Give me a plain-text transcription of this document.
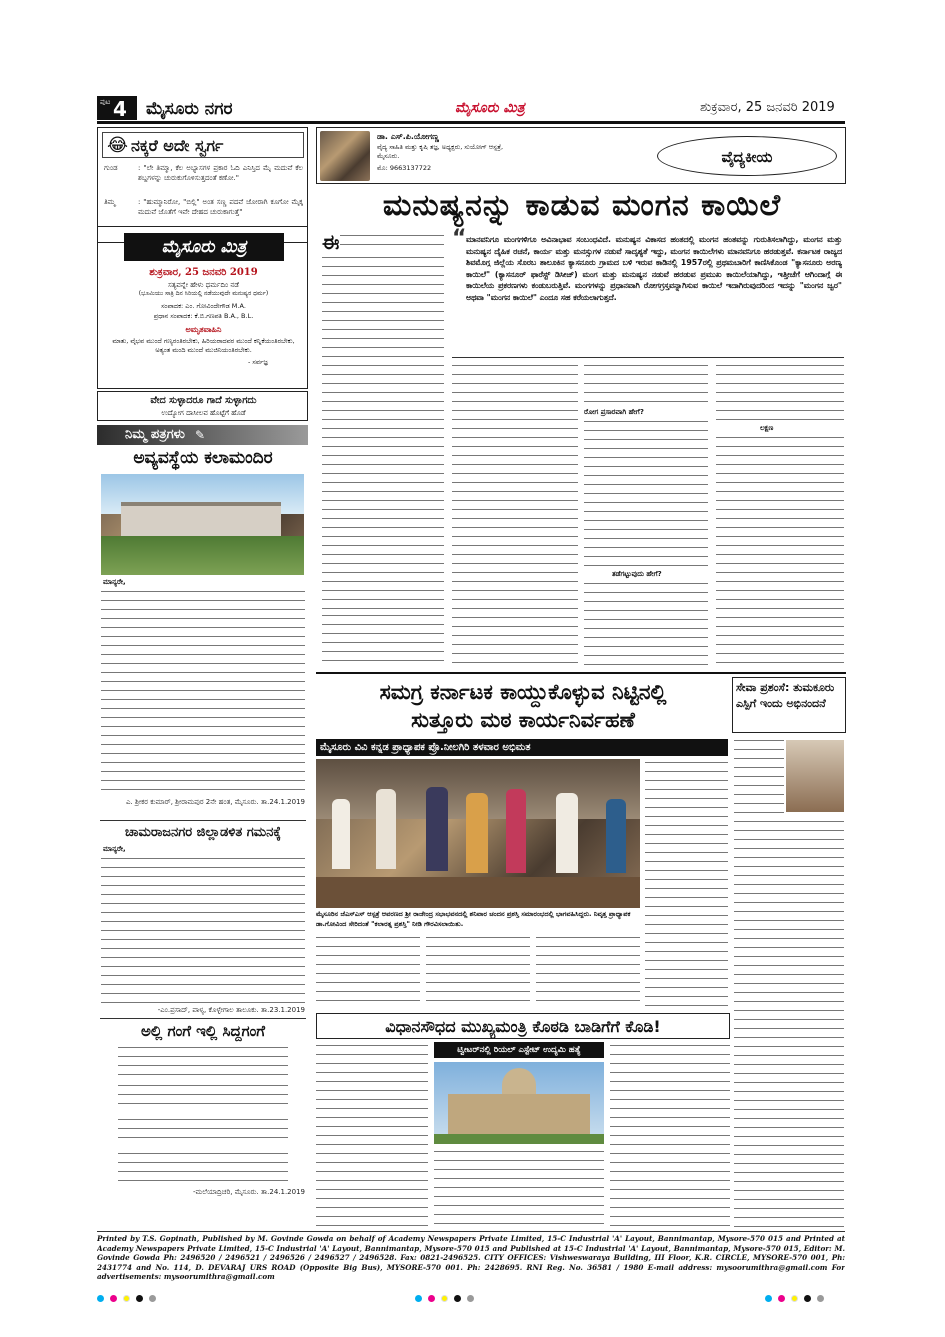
ಪುಟ 4 ಮೈಸೂರು ನಗರ	ಮೈಸೂರು ಮಿತ್ರ	ಶುಕ್ರವಾರ, 25 ಜನವರಿ 2019
😂 ನಕ್ಕರೆ ಅದೇ ಸ್ವರ್ಗ
ಗುಂಡ	: "ಲೇ ತಿಮ್ಮಾ, ಕೆಲ ಅಭ್ಯಾಸಗಳ ಪ್ರಕಾರ ಓದಿ ಎನಿಸ್ತಿದ ಮೈ ಮದುವೆ ಕೆಲ ಶಬ್ದಗಳನ್ನು ಚುರುಕುಗೊಳಿಸುತ್ತದಂತೆ ಕಣೋ."
ತಿಮ್ಮ	: "ಹುಮ್ಮಾನಿರೋ, "ಬಿಲ್ಲಿ" ಅಂತ ಸಣ್ಣ ಪದವೆ ಜೋರಾಗಿ ಕೂಗೋ ಮೈಕ್ಕ ಮದುವೆ ಜೊತೆಗೆ ಇವೇ ದೇಹದ ಚುರುಕಾಗುತ್ತೆ"
ಮೈಸೂರು ಮಿತ್ರ
ಶುಕ್ರವಾರ, 25 ಜನವರಿ 2019
ಸತ್ಯವನ್ನೇ ಹೇಳು ಧರ್ಮದಿಂ ನಡೆ
(ಭೂಮಿಯು ಸಾತ್ರಿ ದಿನ ಸಿರಿಯಲ್ಲಿ ನಡೆಯುವುದೇ ಮನುಷ್ಯರ ಧರ್ಮ)
ಸಂಪಾದಕ: ಎಂ. ಗೋವಿಂದೇಗೌಡ M.A.
ಪ್ರಧಾನ ಸಂಪಾದಕ: ಕೆ.ಬಿ.ಗಣಪತಿ B.A., B.L.
ಅಮೃತವಾಹಿನಿ
ಮಾತು, ವೈಭವ ಮುಂದೆ ಗಣ್ಯರಂತಿರಬೇಕು, ಹಿರಿಯರಾದವರ ಮುಂದೆ ಕನ್ನಿಕೆಯಂತಿರಬೇಕು, ಅತ್ಯಂತ ಮಂದಿ ಮುಂದೆ ಮುಜಿನಿಯಂತಿರಬೇಕು.
- ಸರ್ವಜ್ಞ
ವೇದ ಸುಳ್ಳಾದರೂ ಗಾದೆ ಸುಳ್ಳಾಗದು
ಉದ್ಯೋಗ ದಾಸೀಲವ ಹೊಟ್ಟೆಗೆ ಹೊಡೆ
ನಿಮ್ಮ ಪತ್ರಗಳು ✎
ಅವ್ಯವಸ್ಥೆಯ ಕಲಾಮಂದಿರ
ಮಾನ್ಯರೇ,
ಎ. ಶ್ರೀಕರ ಕುಮಾರ್, ಶ್ರೀರಾಮಪುರ 2ನೇ ಹಂತ, ಮೈಸೂರು. ತಾ.24.1.2019
ಚಾಮರಾಜನಗರ ಜಿಲ್ಲಾಡಳಿತ ಗಮನಕ್ಕೆ
ಮಾನ್ಯರೇ,
-ಎಂ.ಪ್ರಸಾದ್, ಪಾಳ್ಯ, ಕೊಳ್ಳೇಗಾಲ ತಾಲೂಕು. ತಾ.23.1.2019
ಅಲ್ಲಿ ಗಂಗೆ ಇಲ್ಲಿ ಸಿದ್ದಗಂಗೆ
-ಮಲೆಯಾದ್ರಿಚರಿ, ಮೈಸೂರು. ತಾ.24.1.2019
ಡಾ. ಎಸ್.ಪಿ.ಯೋಗಣ್ಣ
ವೈದ್ಯ ಸಾಹಿತಿ ಮತ್ತು ಕೃಷಿ ತಜ್ಞ, ಅಧ್ಯಕ್ಷರು, ಸುಯೋಗ್ ಆಸ್ಪತ್ರೆ, ಮೈಸೂರು.
ಮೊ: 9663137722
ವೈದ್ಯಕೀಯ
ಮನುಷ್ಯನನ್ನು ಕಾಡುವ ಮಂಗನ ಕಾಯಿಲೆ
ಈ	“ ಮಾನವನಿಗೂ ಮಂಗಗಳಿಗೂ ಅವಿನಾಭಾವ ಸಂಬಂಧವಿದೆ. ಮನುಷ್ಯನ ವಿಕಾಸದ ಹಂತದಲ್ಲಿ ಮಂಗನ ಹಂತವನ್ನು ಗುರುತಿಸಲಾಗಿದ್ದು, ಮಂಗನ ಮತ್ತು ಮನುಷ್ಯನ ದೈಹಿಕ ರಚನೆ, ಕಾರ್ಯ ಮತ್ತು ಮನಸ್ಸುಗಳ ನಡುವೆ ಸಾದೃಶ್ಯತೆ ಇದ್ದು, ಮಂಗನ ಕಾಯಿಲೆಗಳು ಮಾನವನಿಗೂ ಹರಡುತ್ತವೆ. ಕರ್ನಾಟಕ ರಾಜ್ಯದ ಶಿವಮೊಗ್ಗ ಜಿಲ್ಲೆಯ ಸೊರಬ ತಾಲೂಕಿನ ಕ್ಯಾಸನೂರು ಗ್ರಾಮದ ಬಳಿ ಇರುವ ಕಾಡಿನಲ್ಲಿ 1957ರಲ್ಲಿ ಪ್ರಥಮಬಾರಿಗೆ ಕಾಣಿಸಿಕೊಂಡ "ಕ್ಯಾಸನೂರು ಅರಣ್ಯ ಕಾಯಿಲೆ" (ಕ್ಯಾಸನೂರ್ ಫಾರೆಸ್ಟ್ ಡಿಸೀಜ್) ಮಂಗ ಮತ್ತು ಮನುಷ್ಯನ ನಡುವೆ ಹರಡುವ ಪ್ರಮುಖ ಕಾಯಿಲೆಯಾಗಿದ್ದು, ಇತ್ತೀಚೆಗೆ ಆಗಿಂದಾಗ್ಗೆ ಈ ಕಾಯಿಲೆಯ ಪ್ರಕರಣಗಳು ಕಂಡುಬರುತ್ತಿವೆ. ಮಂಗಗಳನ್ನು ಪ್ರಧಾನವಾಗಿ ರೋಗಗ್ರಸ್ತವನ್ನಾಗಿಸುವ ಕಾಯಿಲೆ ಇದಾಗಿರುವುದರಿಂದ ಇದನ್ನು "ಮಂಗನ ಜ್ವರ" ಅಥವಾ "ಮಂಗನ ಕಾಯಿಲೆ" ಎಂದೂ ಸಹ ಕರೆಯಲಾಗುತ್ತದೆ.
ರೋಗ ಪ್ರಸಾರವಾಗಿ ಹೇಗೆ?
ತಡೆಗಟ್ಟುವುದು ಹೇಗೆ?
ಲಕ್ಷಣ
ಸಮಗ್ರ ಕರ್ನಾಟಕ ಕಾಯ್ದುಕೊಳ್ಳುವ ನಿಟ್ಟಿನಲ್ಲಿ
ಸುತ್ತೂರು ಮಠ ಕಾರ್ಯನಿರ್ವಹಣೆ
ಮೈಸೂರು ವಿವಿ ಕನ್ನಡ ಪ್ರಾಧ್ಯಾಪಕ ಪ್ರೊ.ನೀಲಗಿರಿ ತಳವಾರ ಅಭಿಮತ
ಮೈಸೂರಿನ ಜೆಎಸ್ಎಸ್ ಆಸ್ಪತ್ರೆ ಆವರಣದ ಶ್ರೀ ರಾಜೇಂದ್ರ ಸಭಾಭವನದಲ್ಲಿ ಶನಿವಾರ ಚಂದನ ಪ್ರಶಸ್ತಿ ಸಮಾರಂಭದಲ್ಲಿ ಭಾಗವಹಿಸಿದ್ದರು. ನಿವೃತ್ತ ಪ್ರಾಧ್ಯಾಪಕ ಡಾ.ಗೋವಿಂದ ಸೇರಿದಂತೆ "ಕಲಾರತ್ನ ಪ್ರಶಸ್ತಿ" ನೀಡಿ ಗೌರವಿಸಲಾಯಿತು.
ಸೇವಾ ಪ್ರಶಂಸೆ: ತುಮಕೂರು ಎಸ್ಪಿಗೆ ಇಂದು ಅಭಿನಂದನೆ
ವಿಧಾನಸೌಧದ ಮುಖ್ಯಮಂತ್ರಿ ಕೊಠಡಿ ಬಾಡಿಗೆಗೆ ಕೊಡಿ!
ಟ್ವೀಟರ್‌ನಲ್ಲಿ ರಿಯಲ್ ಎಸ್ಟೇಟ್ ಉದ್ಯಮಿ ಹತ್ಯೆ
Printed by T.S. Gopinath, Published by M. Govinde Gowda on behalf of Academy Newspapers Private Limited, 15-C Industrial 'A' Layout, Bannimantap, Mysore-570 015 and Printed at Academy Newspapers Private Limited, 15-C Industrial 'A' Layout, Bannimantap, Mysore-570 015 and Published at 15-C Industrial 'A' Layout, Bannimantap, Mysore-570 015, Editor: M. Govinde Gowda Ph: 2496520 / 2496521 / 2496526 / 2496527 / 2496528. Fax: 0821-2496525. CITY OFFICES: Vishweswaraya Building, III Floor, K.R. CIRCLE, MYSORE-570 001, Ph: 2431774 and No. 114, D. DEVARAJ URS ROAD (Opposite Big Bus), MYSORE-570 001. Ph: 2428695. RNI Reg. No. 36581 / 1980 E-mail address: mysoorumithra@gmail.com For advertisements: mysoorumithra@gmail.com
